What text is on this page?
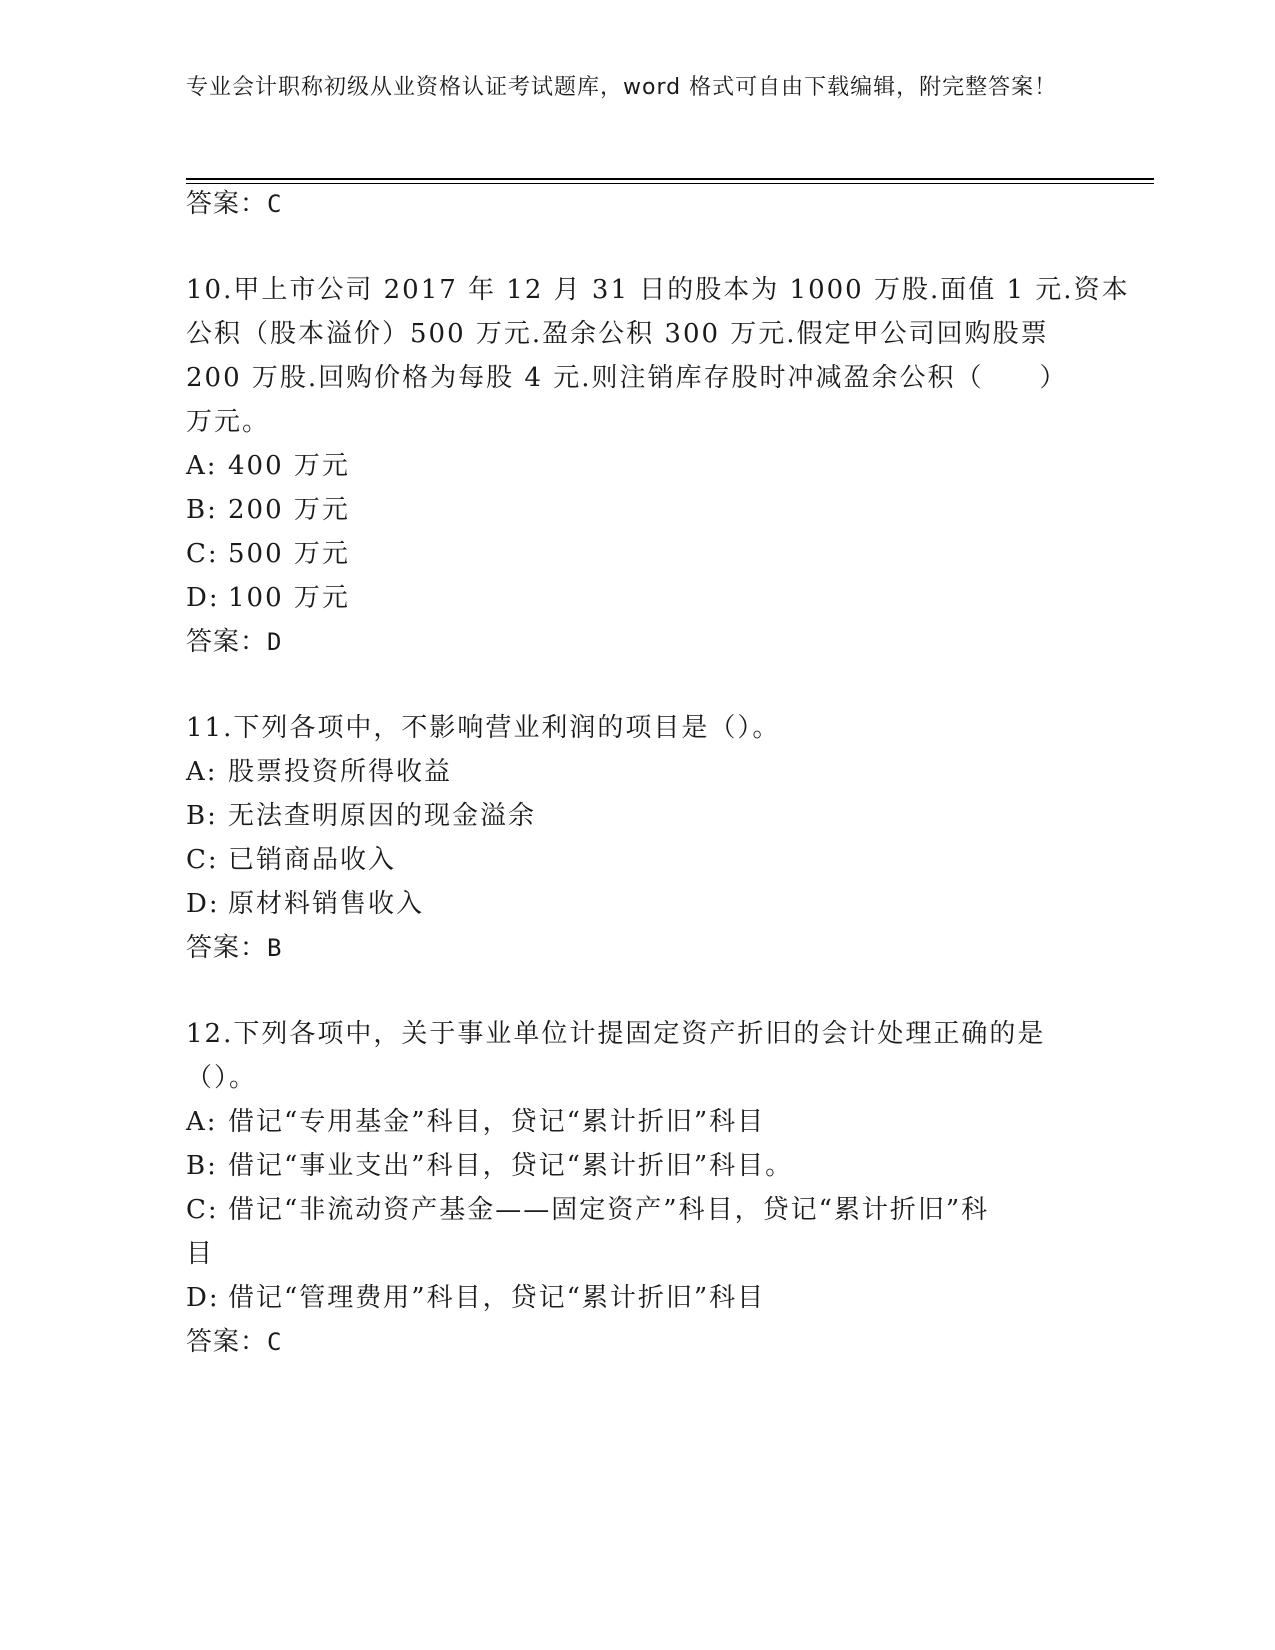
专业会计职称初级从业资格认证考试题库，word 格式可自由下载编辑，附完整答案！
答案：C
10.甲上市公司 2017 年 12 月 31 日的股本为 1000 万股.面值 1 元.资本
公积（股本溢价）500 万元.盈余公积 300 万元.假定甲公司回购股票
200 万股.回购价格为每股 4 元.则注销库存股时冲减盈余公积（　　）
万元。
A: 400 万元
B: 200 万元
C: 500 万元
D: 100 万元
答案：D
11.下列各项中，不影响营业利润的项目是（）。
A: 股票投资所得收益
B: 无法查明原因的现金溢余
C: 已销商品收入
D: 原材料销售收入
答案：B
12.下列各项中，关于事业单位计提固定资产折旧的会计处理正确的是
（）。
A: 借记“专用基金”科目，贷记“累计折旧”科目
B: 借记“事业支出”科目，贷记“累计折旧”科目。
C: 借记“非流动资产基金——固定资产”科目，贷记“累计折旧”科
目
D: 借记“管理费用”科目，贷记“累计折旧”科目
答案：C
